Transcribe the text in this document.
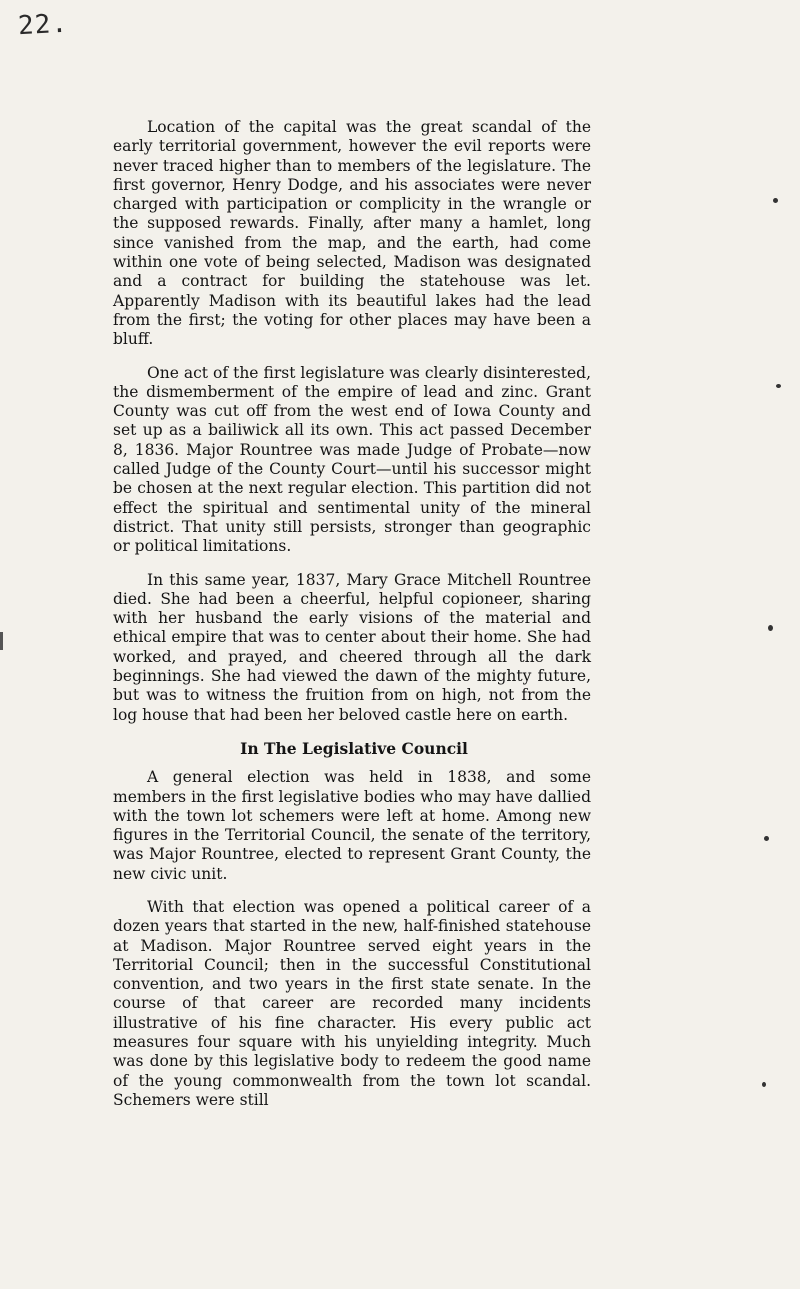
22.

Location of the capital was the great scandal of the early territorial government, however the evil reports were never traced higher than to members of the legislature. The first governor, Henry Dodge, and his associates were never charged with participation or complicity in the wrangle or the supposed rewards. Finally, after many a hamlet, long since vanished from the map, and the earth, had come within one vote of being selected, Madison was designated and a contract for building the statehouse was let. Apparently Madison with its beautiful lakes had the lead from the first; the voting for other places may have been a bluff.

One act of the first legislature was clearly disinterested, the dismemberment of the empire of lead and zinc. Grant County was cut off from the west end of Iowa County and set up as a bailiwick all its own. This act passed December 8, 1836. Major Rountree was made Judge of Probate—now called Judge of the County Court—until his successor might be chosen at the next regular election. This partition did not effect the spiritual and sentimental unity of the mineral district. That unity still persists, stronger than geographic or political limitations.

In this same year, 1837, Mary Grace Mitchell Rountree died. She had been a cheerful, helpful copioneer, sharing with her husband the early visions of the material and ethical empire that was to center about their home. She had worked, and prayed, and cheered through all the dark beginnings. She had viewed the dawn of the mighty future, but was to witness the fruition from on high, not from the log house that had been her beloved castle here on earth.

In The Legislative Council

A general election was held in 1838, and some members in the first legislative bodies who may have dallied with the town lot schemers were left at home. Among new figures in the Territorial Council, the senate of the territory, was Major Rountree, elected to represent Grant County, the new civic unit.

With that election was opened a political career of a dozen years that started in the new, half-finished statehouse at Madison. Major Rountree served eight years in the Territorial Council; then in the successful Constitutional convention, and two years in the first state senate. In the course of that career are recorded many incidents illustrative of his fine character. His every public act measures four square with his unyielding integrity. Much was done by this legislative body to redeem the good name of the young commonwealth from the town lot scandal. Schemers were still
